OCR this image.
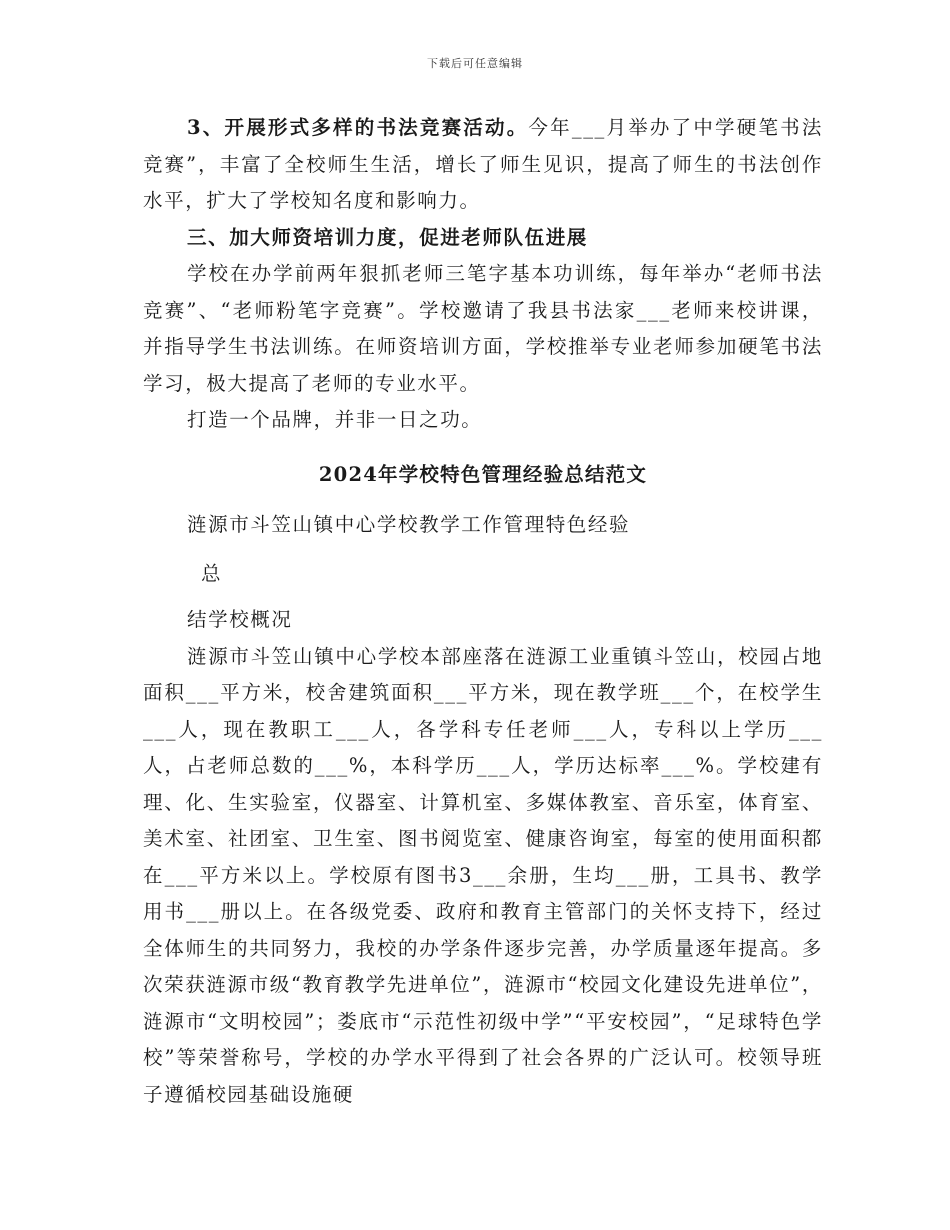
下载后可任意编辑

3、开展形式多样的书法竞赛活动。今年___月举办了中学硬笔书法竞赛”，丰富了全校师生生活，增长了师生见识，提高了师生的书法创作水平，扩大了学校知名度和影响力。

三、加大师资培训力度，促进老师队伍进展

学校在办学前两年狠抓老师三笔字基本功训练，每年举办“老师书法竞赛”、“老师粉笔字竞赛”。学校邀请了我县书法家___老师来校讲课，并指导学生书法训练。在师资培训方面，学校推举专业老师参加硬笔书法学习，极大提高了老师的专业水平。

打造一个品牌，并非一日之功。

2024年学校特色管理经验总结范文

涟源市斗笠山镇中心学校教学工作管理特色经验

总

结学校概况

涟源市斗笠山镇中心学校本部座落在涟源工业重镇斗笠山，校园占地面积___平方米，校舍建筑面积___平方米，现在教学班___个，在校学生___人，现在教职工___人，各学科专任老师___人，专科以上学历___人，占老师总数的___%，本科学历___人，学历达标率___%。学校建有理、化、生实验室，仪器室、计算机室、多媒体教室、音乐室，体育室、美术室、社团室、卫生室、图书阅览室、健康咨询室，每室的使用面积都在___平方米以上。学校原有图书3___余册，生均___册，工具书、教学用书___册以上。在各级党委、政府和教育主管部门的关怀支持下，经过全体师生的共同努力，我校的办学条件逐步完善，办学质量逐年提高。多次荣获涟源市级“教育教学先进单位”，涟源市“校园文化建设先进单位”，涟源市“文明校园”；娄底市“示范性初级中学”“平安校园”，“足球特色学校”等荣誉称号，学校的办学水平得到了社会各界的广泛认可。校领导班子遵循校园基础设施硬
